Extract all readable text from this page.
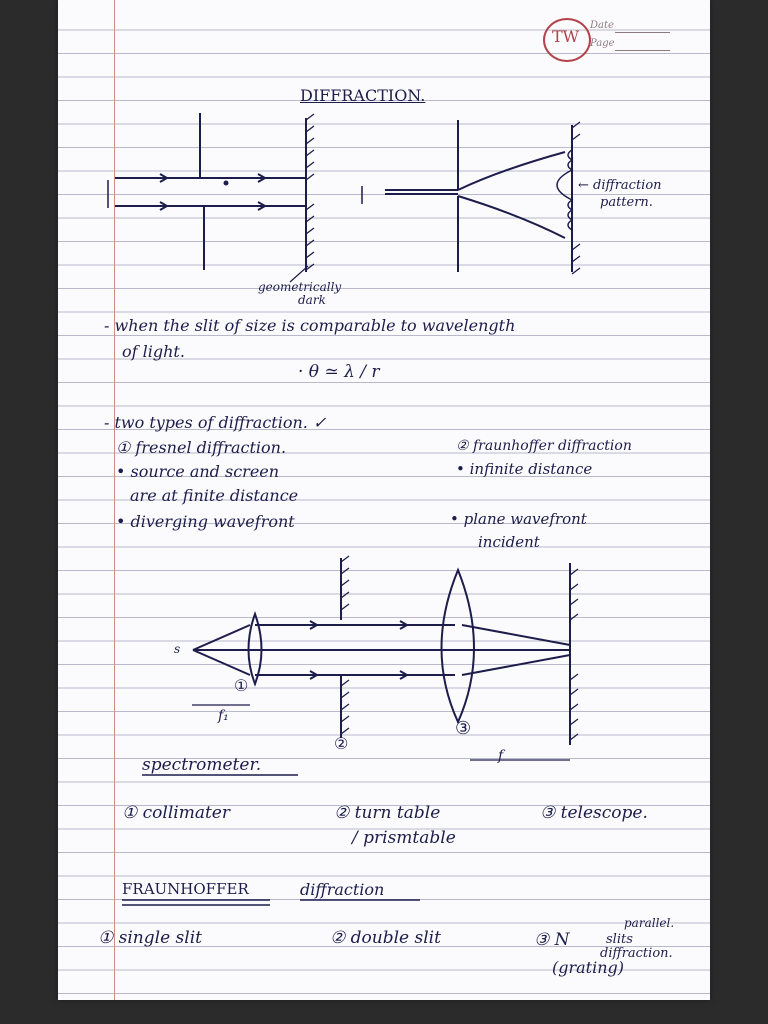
TW
Date
Page
DIFFRACTION.
geometrically
dark
← diffraction
pattern.
- when the slit of size is comparable to wavelength
of light.
· θ ≃ λ / r
- two types of diffraction. ✓
① fresnel diffraction.	② fraunhoffer diffraction
• source and screen	• infinite distance
are at finite distance
• diverging wavefront	• plane wavefront
incident
s
①
②
③
f₁
f
spectrometer.
① collimater	② turn table
/ prismtable
③ telescope.
FRAUNHOFFER	diffraction
① single slit	② double slit	③ N
parallel.
slits
diffraction.
(grating)
